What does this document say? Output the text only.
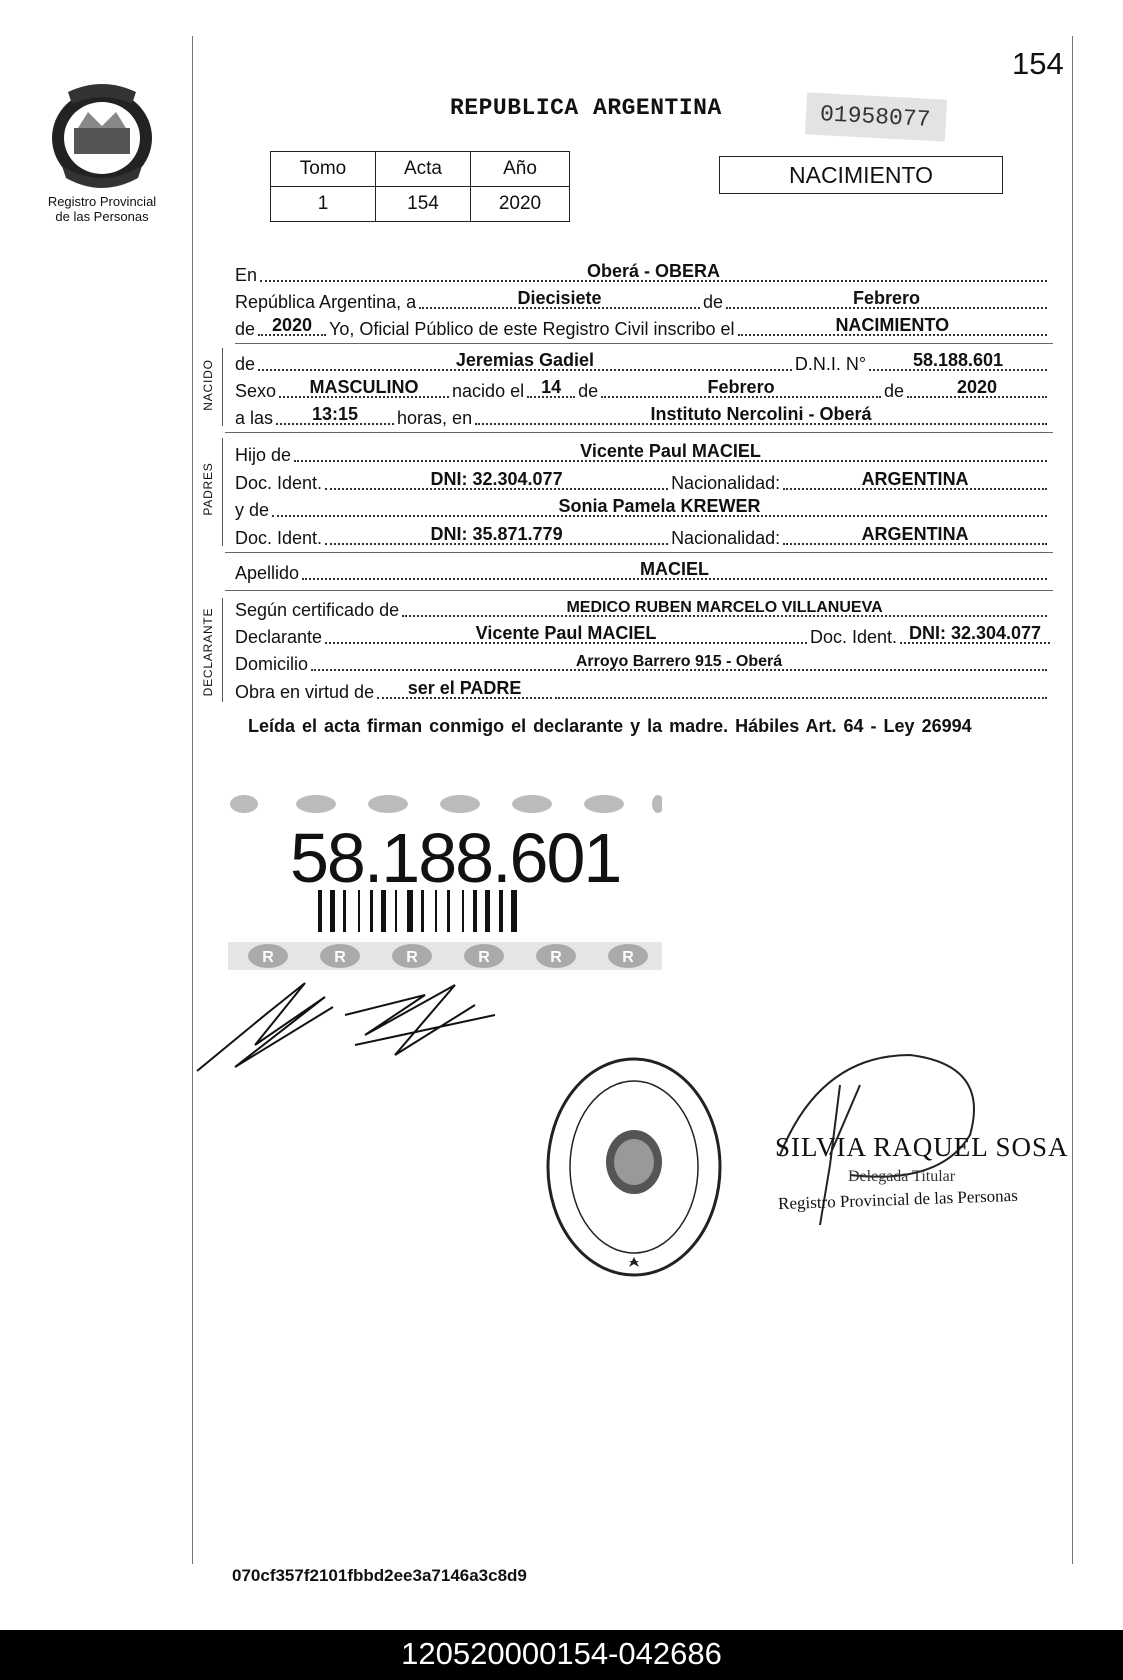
154
Registro Provincial
de las Personas
REPUBLICA ARGENTINA	01958077
Tomo	Acta	Año
1	154	2020
NACIMIENTO
En	Oberá - OBERA
República Argentina, a	Diecisiete	de	Febrero
de 2020 Yo, Oficial Público de este Registro Civil inscribo el	NACIMIENTO
NACIDO de	Jeremias Gadiel	D.N.I. N°	58.188.601
Sexo	MASCULINO	nacido el 14 de	Febrero	de	2020
a las	13:15	horas, en	Instituto Nercolini - Oberá
PADRES
Hijo de	Vicente Paul MACIEL
Doc. Ident.	DNI: 32.304.077	Nacionalidad:	ARGENTINA
y de	Sonia Pamela KREWER
Doc. Ident.	DNI: 35.871.779	Nacionalidad:	ARGENTINA
Apellido	MACIEL
DECLARANTE Según certificado de	MEDICO RUBEN MARCELO VILLANUEVA
Declarante	Vicente Paul MACIEL	Doc. Ident. DNI: 32.304.077
Domicilio	Arroyo Barrero 915 - Oberá
Obra en virtud de	ser el PADRE
Leída el acta firman conmigo el declarante y la madre. Hábiles Art. 64 - Ley 26994
R	R	R	R	R	R
58.188.601
SILVIA RAQUEL SOSA
Delegada Titular
Registro Provincial de las Personas
070cf357f2101fbbd2ee3a7146a3c8d9
120520000154-042686
